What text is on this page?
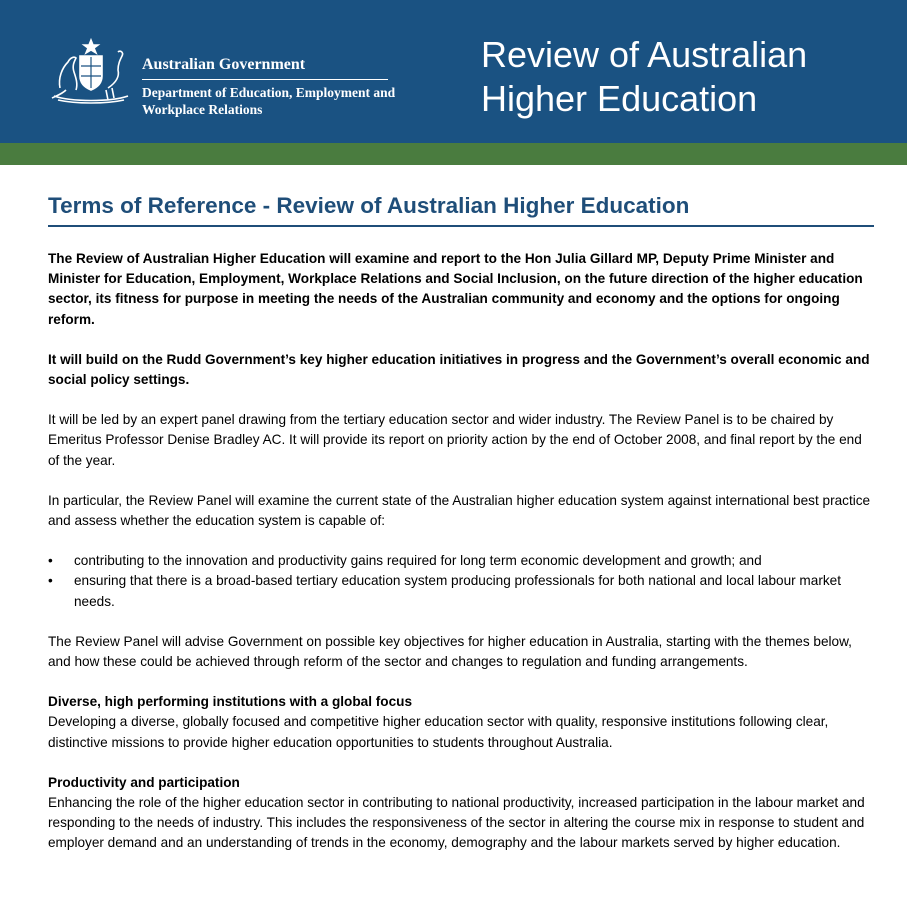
Australian Government
Department of Education, Employment and Workplace Relations
Review of Australian Higher Education
Terms of Reference - Review of Australian Higher Education

The Review of Australian Higher Education will examine and report to the Hon Julia Gillard MP, Deputy Prime Minister and Minister for Education, Employment, Workplace Relations and Social Inclusion, on the future direction of the higher education sector, its fitness for purpose in meeting the needs of the Australian community and economy and the options for ongoing reform.

It will build on the Rudd Government’s key higher education initiatives in progress and the Government’s overall economic and social policy settings.

It will be led by an expert panel drawing from the tertiary education sector and wider industry. The Review Panel is to be chaired by Emeritus Professor Denise Bradley AC. It will provide its report on priority action by the end of October 2008, and final report by the end of the year.

In particular, the Review Panel will examine the current state of the Australian higher education system against international best practice and assess whether the education system is capable of:

• contributing to the innovation and productivity gains required for long term economic development and growth; and
• ensuring that there is a broad-based tertiary education system producing professionals for both national and local labour market needs.

The Review Panel will advise Government on possible key objectives for higher education in Australia, starting with the themes below, and how these could be achieved through reform of the sector and changes to regulation and funding arrangements.

Diverse, high performing institutions with a global focus

Developing a diverse, globally focused and competitive higher education sector with quality, responsive institutions following clear, distinctive missions to provide higher education opportunities to students throughout Australia.

Productivity and participation

Enhancing the role of the higher education sector in contributing to national productivity, increased participation in the labour market and responding to the needs of industry. This includes the responsiveness of the sector in altering the course mix in response to student and employer demand and an understanding of trends in the economy, demography and the labour markets served by higher education.
